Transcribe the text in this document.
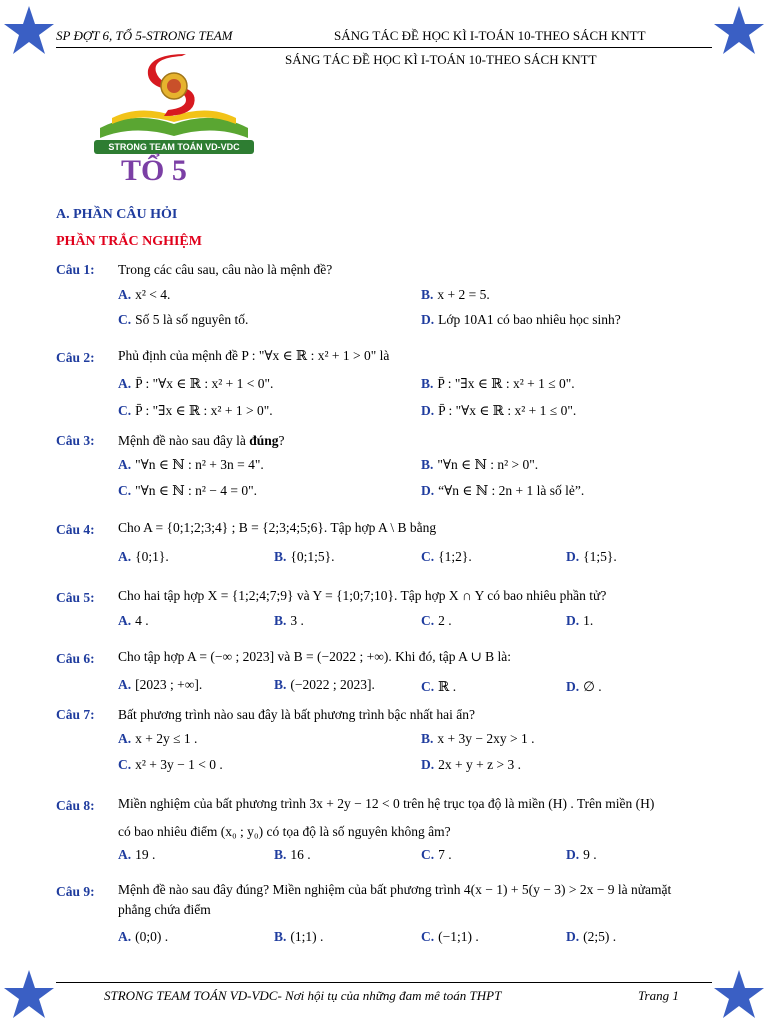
SP ĐỢT 6, TỔ 5-STRONG TEAM	SÁNG TÁC ĐỀ HỌC KÌ I-TOÁN 10-THEO SÁCH KNTT
SÁNG TÁC ĐỀ HỌC KÌ I-TOÁN 10-THEO SÁCH KNTT
STRONG TEAM TOÁN VD-VDC
TỔ 5
A. PHẦN CÂU HỎI
PHẦN TRẮC NGHIỆM
Câu 1: Trong các câu sau, câu nào là mệnh đề?
A. x² < 4.	B. x + 2 = 5.
C. Số 5 là số nguyên tố.	D. Lớp 10A1 có bao nhiêu học sinh?
Câu 2: Phủ định của mệnh đề P : "∀x ∈ ℝ : x² + 1 > 0" là
A. P̄ : "∀x ∈ ℝ : x² + 1 < 0".	B. P̄ : "∃x ∈ ℝ : x² + 1 ≤ 0".
C. P̄ : "∃x ∈ ℝ : x² + 1 > 0".	D. P̄ : "∀x ∈ ℝ : x² + 1 ≤ 0".
Câu 3: Mệnh đề nào sau đây là đúng?
A. "∀n ∈ ℕ : n² + 3n = 4".	B. "∀n ∈ ℕ : n² > 0".
C. "∀n ∈ ℕ : n² − 4 = 0".	D. “∀n ∈ ℕ : 2n + 1 là số lẻ”.
Câu 4: Cho A = {0;1;2;3;4} ; B = {2;3;4;5;6}. Tập hợp A \ B bằng
A. {0;1}.	B. {0;1;5}.	C. {1;2}.	D. {1;5}.
Câu 5: Cho hai tập hợp X = {1;2;4;7;9} và Y = {1;0;7;10}. Tập hợp X ∩ Y có bao nhiêu phần tử?
A. 4 .	B. 3 .	C. 2 .	D. 1.
Câu 6: Cho tập hợp A = (−∞ ; 2023] và B = (−2022 ; +∞). Khi đó, tập A ∪ B là:
A. [2023 ; +∞].	B. (−2022 ; 2023].	C. ℝ .	D. ∅ .
Câu 7: Bất phương trình nào sau đây là bất phương trình bậc nhất hai ẩn?
A. x + 2y ≤ 1 .	B. x + 3y − 2xy > 1 .
C. x² + 3y − 1 < 0 .	D. 2x + y + z > 3 .
Câu 8: Miền nghiệm của bất phương trình 3x + 2y − 12 < 0 trên hệ trục tọa độ là miền (H) . Trên miền (H)
có bao nhiêu điểm (x₀ ; y₀) có tọa độ là số nguyên không âm?
A. 19 .	B. 16 .	C. 7 .	D. 9 .
Câu 9: Mệnh đề nào sau đây đúng? Miền nghiệm của bất phương trình 4(x − 1) + 5(y − 3) > 2x − 9 là nửamặt
phẳng chứa điểm
A. (0;0) .	B. (1;1) .	C. (−1;1) .	D. (2;5) .
STRONG TEAM TOÁN VD-VDC- Nơi hội tụ của những đam mê toán THPT	Trang 1
